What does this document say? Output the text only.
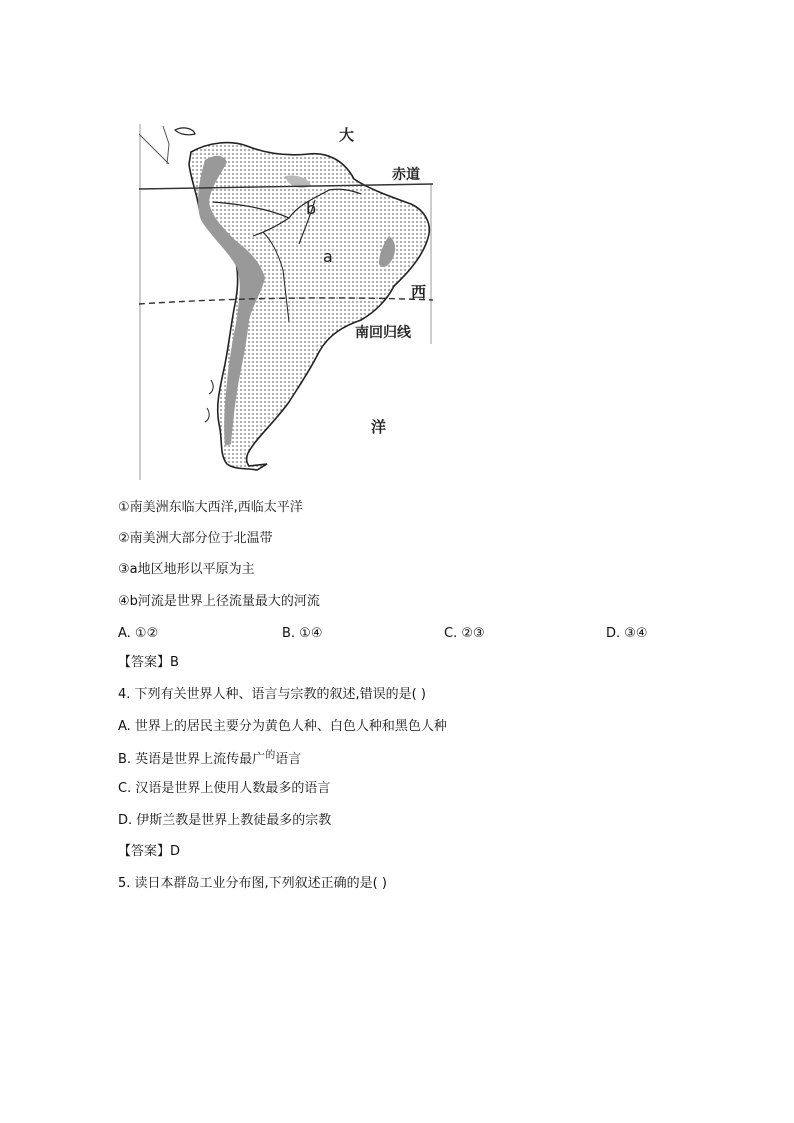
大
赤道
b
a
西
南回归线
洋
①南美洲东临大西洋,西临太平洋
②南美洲大部分位于北温带
③a地区地形以平原为主
④b河流是世界上径流量最大的河流
A. ①②	B. ①④	C. ②③	D. ③④
【答案】B
4. 下列有关世界人种、语言与宗教的叙述,错误的是( )
A. 世界上的居民主要分为黄色人种、白色人种和黑色人种
B. 英语是世界上流传最广$^的$语言
C. 汉语是世界上使用人数最多的语言
D. 伊斯兰教是世界上教徒最多的宗教
【答案】D
5. 读日本群岛工业分布图,下列叙述正确的是( )
